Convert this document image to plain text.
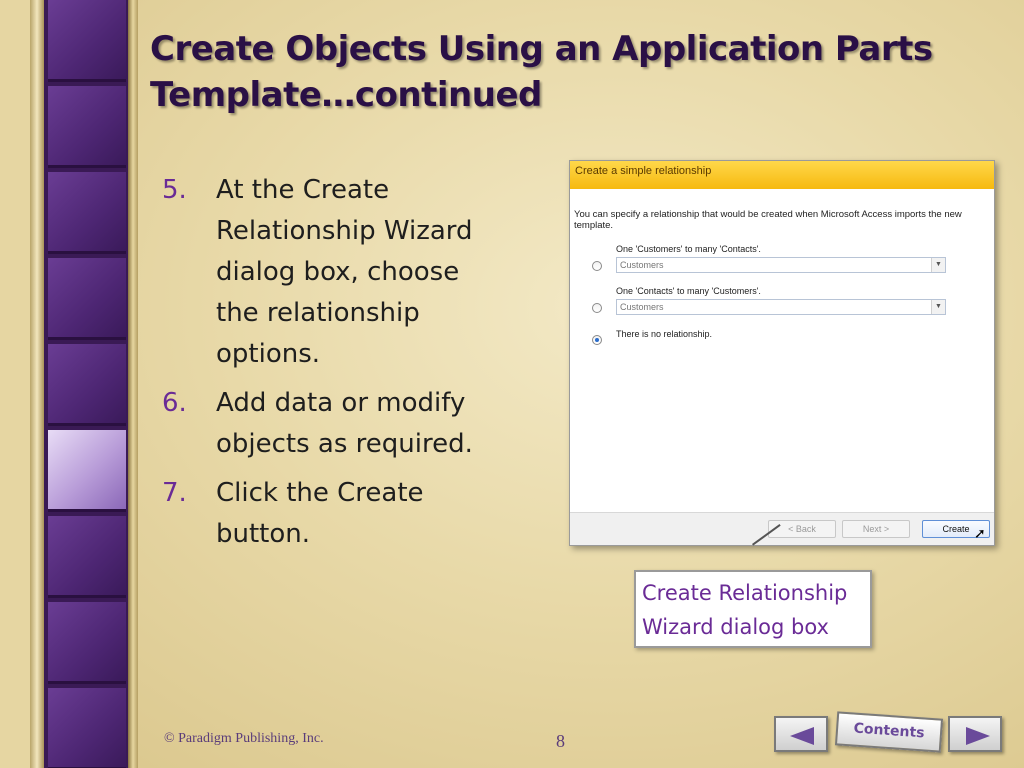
Create Objects Using an Application Parts Template…continued
5.	At the Create Relationship Wizard dialog box, choose the relationship options.
6.	Add data or modify objects as required.
7.	Click the Create button.
Create a simple relationship
You can specify a relationship that would be created when Microsoft Access imports the new template.
One 'Customers' to many 'Contacts'.
Customers	▼
One 'Contacts' to many 'Customers'.
Customers	▼
There is no relationship.
< Back	Next >	Create ➚
Create Relationship Wizard dialog box
© Paradigm Publishing, Inc.	8	Contents
